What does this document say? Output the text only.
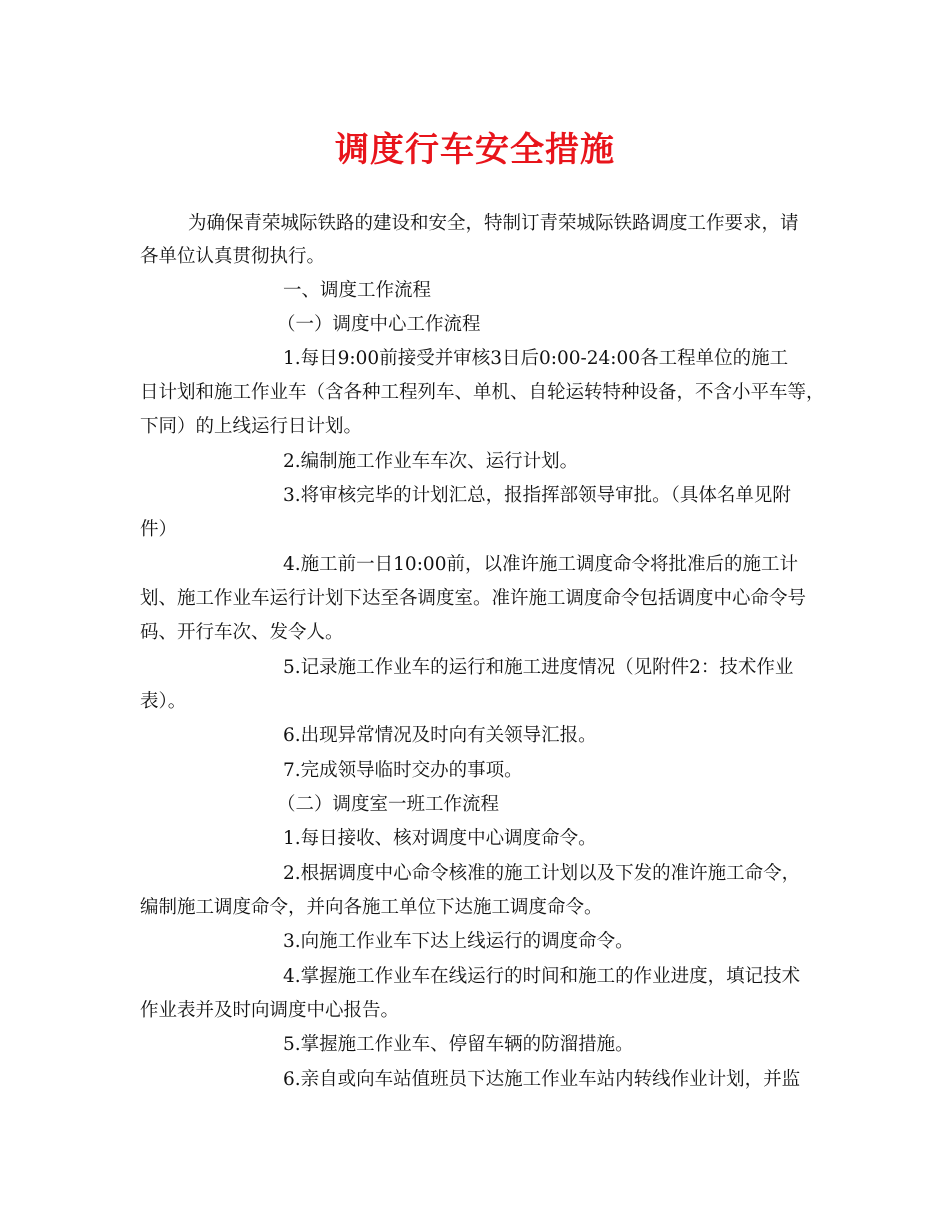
调度行车安全措施
为确保青荣城际铁路的建设和安全，特制订青荣城际铁路调度工作要求，请
各单位认真贯彻执行。
一、调度工作流程
（一）调度中心工作流程
1.每日9:00前接受并审核3日后0:00-24:00各工程单位的施工
日计划和施工作业车（含各种工程列车、单机、自轮运转特种设备，不含小平车等，
下同）的上线运行日计划。
2.编制施工作业车车次、运行计划。
3.将审核完毕的计划汇总，报指挥部领导审批。（具体名单见附
件）
4.施工前一日10:00前，以准许施工调度命令将批准后的施工计
划、施工作业车运行计划下达至各调度室。准许施工调度命令包括调度中心命令号
码、开行车次、发令人。
5.记录施工作业车的运行和施工进度情况（见附件2：技术作业
表）。
6.出现异常情况及时向有关领导汇报。
7.完成领导临时交办的事项。
（二）调度室一班工作流程
1.每日接收、核对调度中心调度命令。
2.根据调度中心命令核准的施工计划以及下发的准许施工命令，
编制施工调度命令，并向各施工单位下达施工调度命令。
3.向施工作业车下达上线运行的调度命令。
4.掌握施工作业车在线运行的时间和施工的作业进度，填记技术
作业表并及时向调度中心报告。
5.掌握施工作业车、停留车辆的防溜措施。
6.亲自或向车站值班员下达施工作业车站内转线作业计划，并监
